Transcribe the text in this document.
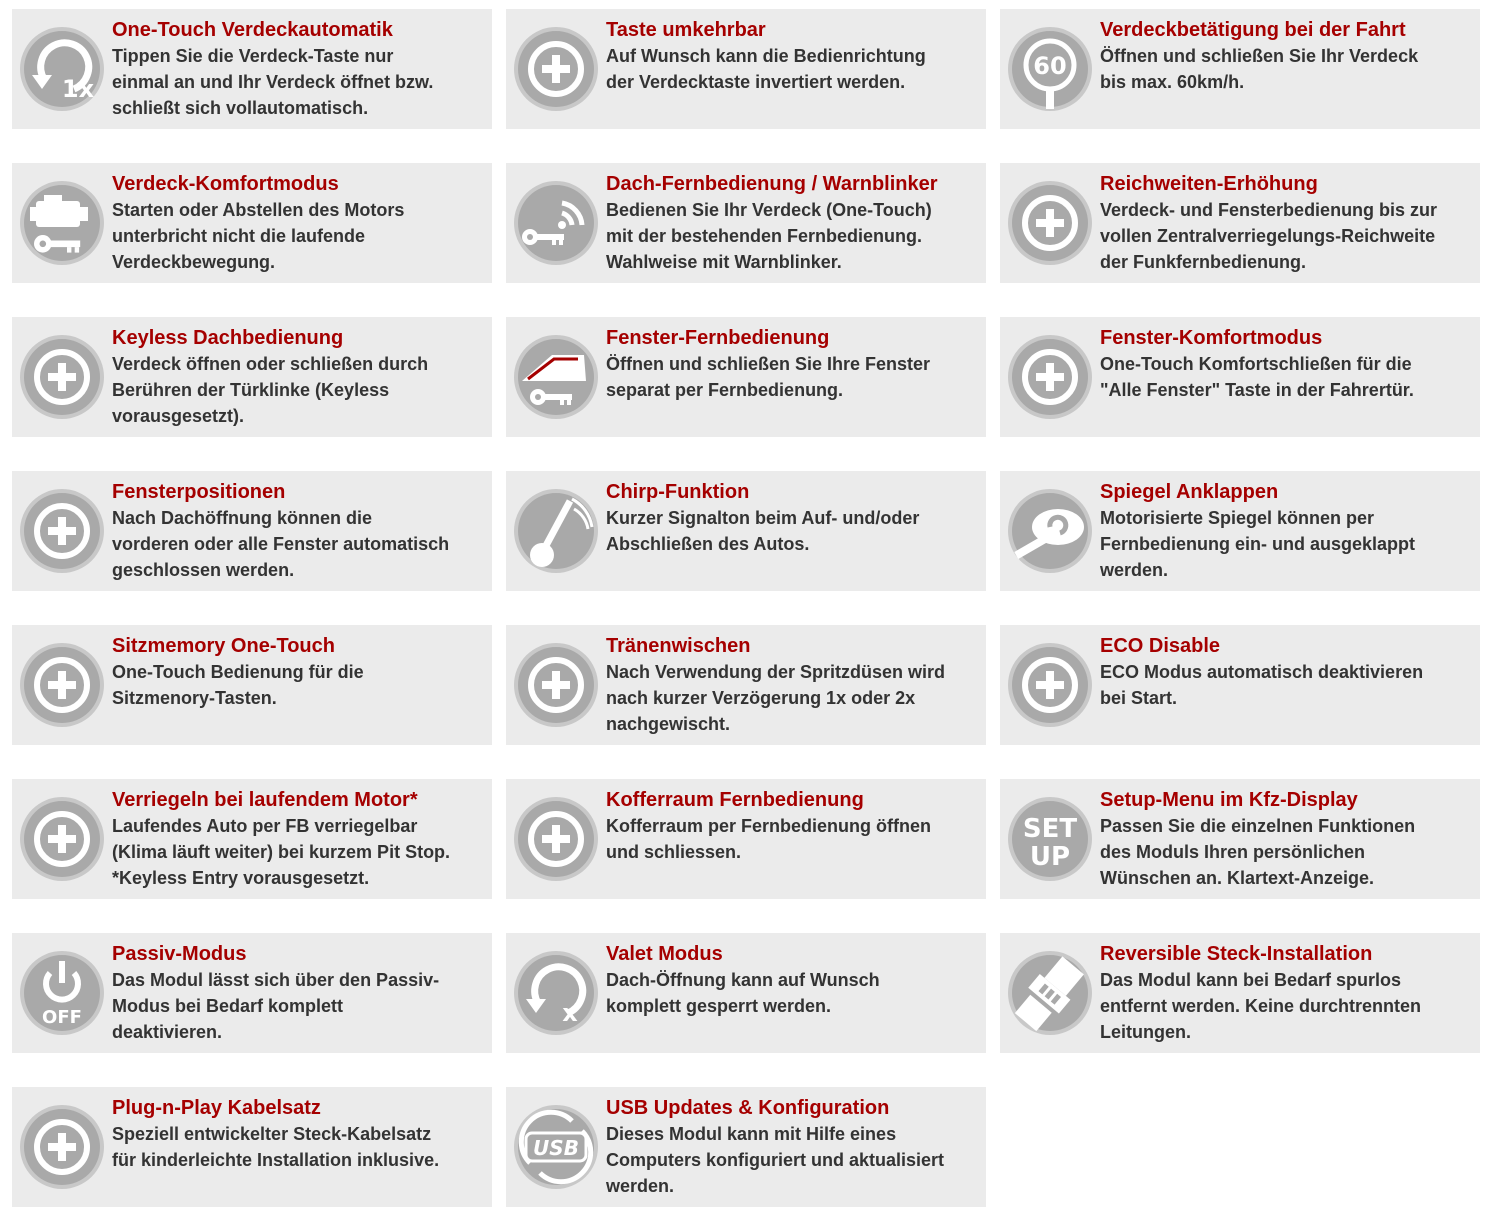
1x
One-Touch Verdeckautomatik
Tippen Sie die Verdeck-Taste nur
einmal an und Ihr Verdeck öffnet bzw.
schließt sich vollautomatisch.
Taste umkehrbar
Auf Wunsch kann die Bedienrichtung
der Verdecktaste invertiert werden.
60
Verdeckbetätigung bei der Fahrt
Öffnen und schließen Sie Ihr Verdeck
bis max. 60km/h.
Verdeck-Komfortmodus
Starten oder Abstellen des Motors
unterbricht nicht die laufende
Verdeckbewegung.
Dach-Fernbedienung / Warnblinker
Bedienen Sie Ihr Verdeck (One-Touch)
mit der bestehenden Fernbedienung.
Wahlweise mit Warnblinker.
Reichweiten-Erhöhung
Verdeck- und Fensterbedienung bis zur
vollen Zentralverriegelungs-Reichweite
der Funkfernbedienung.
Keyless Dachbedienung
Verdeck öffnen oder schließen durch
Berühren der Türklinke (Keyless
vorausgesetzt).
Fenster-Fernbedienung
Öffnen und schließen Sie Ihre Fenster
separat per Fernbedienung.
Fenster-Komfortmodus
One-Touch Komfortschließen für die
"Alle Fenster" Taste in der Fahrertür.
Fensterpositionen
Nach Dachöffnung können die
vorderen oder alle Fenster automatisch
geschlossen werden.
Chirp-Funktion
Kurzer Signalton beim Auf- und/oder
Abschließen des Autos.
Spiegel Anklappen
Motorisierte Spiegel können per
Fernbedienung ein- und ausgeklappt
werden.
Sitzmemory One-Touch
One-Touch Bedienung für die
Sitzmenory-Tasten.
Tränenwischen
Nach Verwendung der Spritzdüsen wird
nach kurzer Verzögerung 1x oder 2x
nachgewischt.
ECO Disable
ECO Modus automatisch deaktivieren
bei Start.
Verriegeln bei laufendem Motor*
Laufendes Auto per FB verriegelbar
(Klima läuft weiter) bei kurzem Pit Stop.
*Keyless Entry vorausgesetzt.
Kofferraum Fernbedienung
Kofferraum per Fernbedienung öffnen
und schliessen.
SET
UP
Setup-Menu im Kfz-Display
Passen Sie die einzelnen Funktionen
des Moduls Ihren persönlichen
Wünschen an. Klartext-Anzeige.
OFF
Passiv-Modus
Das Modul lässt sich über den Passiv-
Modus bei Bedarf komplett
deaktivieren.
x
Valet Modus
Dach-Öffnung kann auf Wunsch
komplett gesperrt werden.
Reversible Steck-Installation
Das Modul kann bei Bedarf spurlos
entfernt werden. Keine durchtrennten
Leitungen.
Plug-n-Play Kabelsatz
Speziell entwickelter Steck-Kabelsatz
für kinderleichte Installation inklusive.	USB
USB Updates & Konfiguration
Dieses Modul kann mit Hilfe eines
Computers konfiguriert und aktualisiert
werden.
